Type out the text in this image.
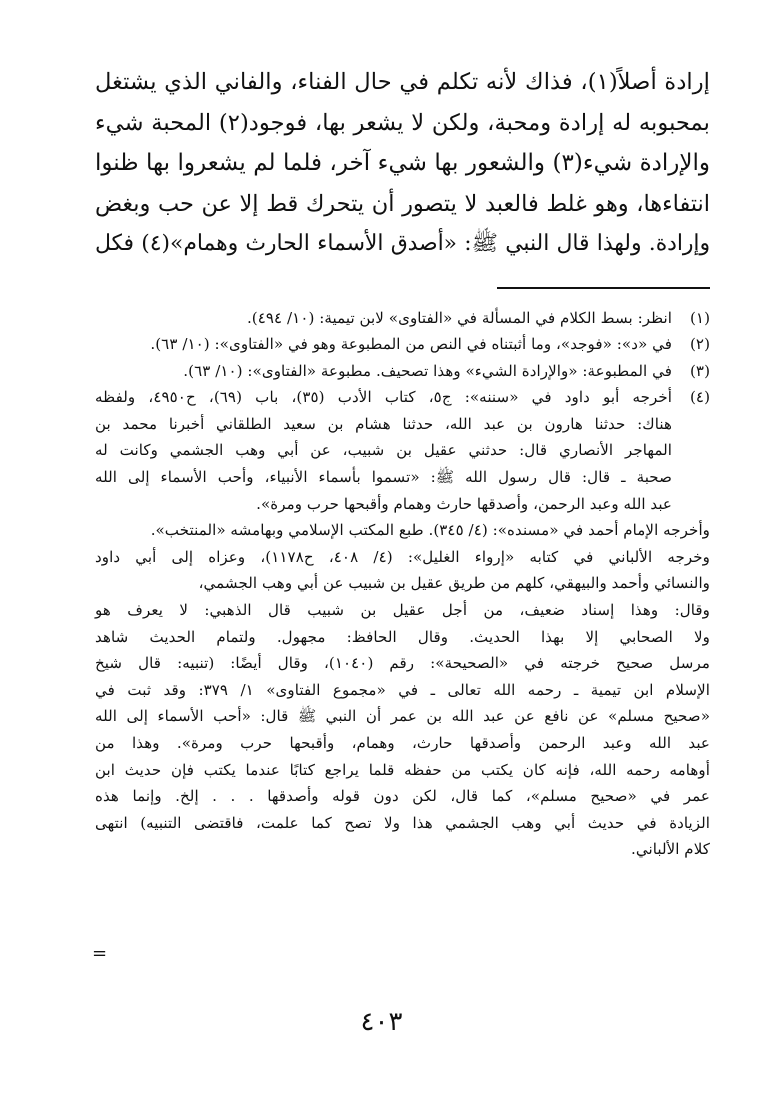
إرادة أصلاً(١)، فذاك لأنه تكلم في حال الفناء، والفاني الذي يشتغل
بمحبوبه له إرادة ومحبة، ولكن لا يشعر بها، فوجود(٢) المحبة شيء
والإرادة شيء(٣) والشعور بها شيء آخر، فلما لم يشعروا بها ظنوا
انتفاءها، وهو غلط فالعبد لا يتصور أن يتحرك قط إلا عن حب وبغض
وإرادة. ولهذا قال النبي ﷺ: «أصدق الأسماء الحارث وهمام»(٤) فكل
(١)
انظر: بسط الكلام في المسألة في «الفتاوى» لابن تيمية: (١٠/ ٤٩٤).
(٢)
في «د»: «فوجد»، وما أثبتناه في النص من المطبوعة وهو في «الفتاوى»: (١٠/ ٦٣).
(٣)
في المطبوعة: «والإرادة الشيء» وهذا تصحيف. مطبوعة «الفتاوى»: (١٠/ ٦٣).
(٤)
أخرجه أبو داود في «سننه»: ج٥، كتاب الأدب (٣٥)، باب (٦٩)، ح٤٩٥٠، ولفظه
هناك: حدثنا هارون بن عبد الله، حدثنا هشام بن سعيد الطلقاني أخبرنا محمد بن
المهاجر الأنصاري قال: حدثني عقيل بن شبيب، عن أبي وهب الجشمي وكانت له
صحبة ـ قال: قال رسول الله ﷺ: «تسموا بأسماء الأنبياء، وأحب الأسماء إلى الله
عبد الله وعبد الرحمن، وأصدقها حارث وهمام وأقبحها حرب ومرة».
وأخرجه الإمام أحمد في «مسنده»: (٤/ ٣٤٥). طبع المكتب الإسلامي وبهامشه «المنتخب».
وخرجه الألباني في كتابه «إرواء الغليل»: (٤/ ٤٠٨، ح١١٧٨)، وعزاه إلى أبي داود
والنسائي وأحمد والبيهقي، كلهم من طريق عقيل بن شبيب عن أبي وهب الجشمي،
وقال: وهذا إسناد ضعيف، من أجل عقيل بن شبيب قال الذهبي: لا يعرف هو
ولا الصحابي إلا بهذا الحديث. وقال الحافظ: مجهول. ولتمام الحديث شاهد
مرسل صحيح خرجته في «الصحيحة»: رقم (١٠٤٠)، وقال أيضًا: (تنبيه: قال شيخ
الإسلام ابن تيمية ـ رحمه الله تعالى ـ في «مجموع الفتاوى» ١/ ٣٧٩: وقد ثبت في
«صحيح مسلم» عن نافع عن عبد الله بن عمر أن النبي ﷺ قال: «أحب الأسماء إلى الله
عبد الله وعبد الرحمن وأصدقها حارث، وهمام، وأقبحها حرب ومرة». وهذا من
أوهامه رحمه الله، فإنه كان يكتب من حفظه قلما يراجع كتابًا عندما يكتب فإن حديث ابن
عمر في «صحيح مسلم»، كما قال، لكن دون قوله وأصدقها . . . إلخ. وإنما هذه
الزيادة في حديث أبي وهب الجشمي هذا ولا تصح كما علمت، فاقتضى التنبيه) انتهى
كلام الألباني.
=
٤٠٣
